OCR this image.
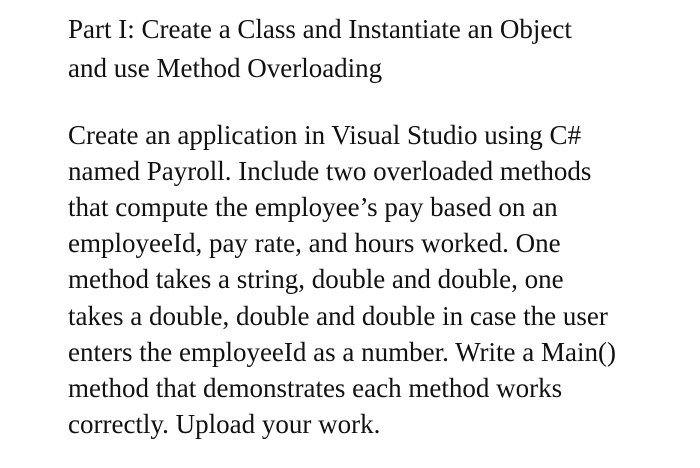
Part I: Create a Class and Instantiate an Object

and use Method Overloading

Create an application in Visual Studio using C#

named Payroll. Include two overloaded methods

that compute the employee’s pay based on an

employeeId, pay rate, and hours worked. One

method takes a string, double and double, one

takes a double, double and double in case the user

enters the employeeId as a number. Write a Main()

method that demonstrates each method works

correctly. Upload your work.
